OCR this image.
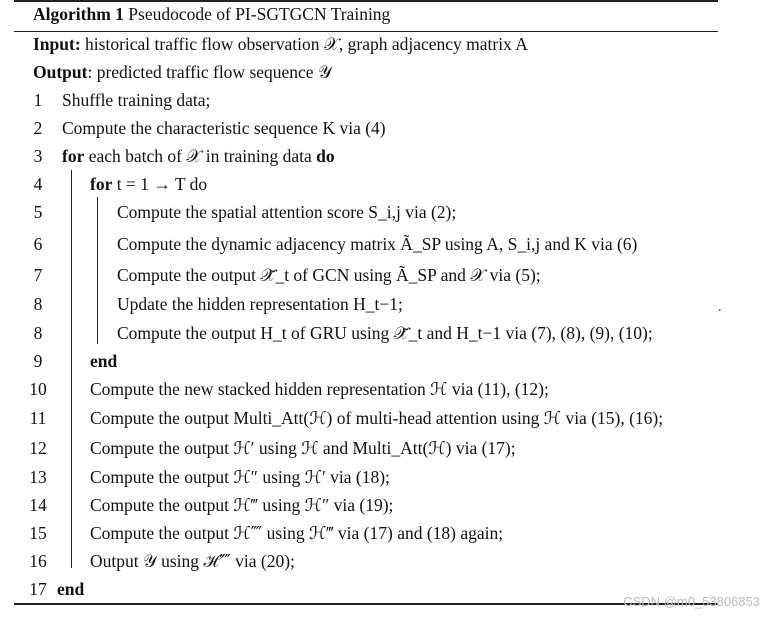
Algorithm 1 Pseudocode of PI-SGTGCN Training
Input: historical traffic flow observation 𝒳, graph adjacency matrix A
Output: predicted traffic flow sequence 𝒴
1	Shuffle training data;
2	Compute the characteristic sequence K via (4)
3	for each batch of 𝒳 in training data do
4	for t = 1 → T do
5	Compute the spatial attention score S_i,j via (2);
6	Compute the dynamic adjacency matrix Ã_SP using A, S_i,j and K via (6)
7	Compute the output 𝒳̃_t of GCN using Ã_SP and 𝒳 via (5);
8	Update the hidden representation H_t−1;
8	Compute the output H_t of GRU using 𝒳̃_t and H_t−1 via (7), (8), (9), (10);
9	end
10	Compute the new stacked hidden representation ℋ via (11), (12);
11	Compute the output Multi_Att(ℋ) of multi-head attention using ℋ via (15), (16);
12	Compute the output ℋ′ using ℋ and Multi_Att(ℋ) via (17);
13	Compute the output ℋ″ using ℋ′ via (18);
14	Compute the output ℋ‴ using ℋ″ via (19);
15	Compute the output ℋ⁗ using ℋ‴ via (17) and (18) again;
16	Output 𝒴 using ℋ⁗ via (20);
17 end
.
CSDN @m0_53806853
